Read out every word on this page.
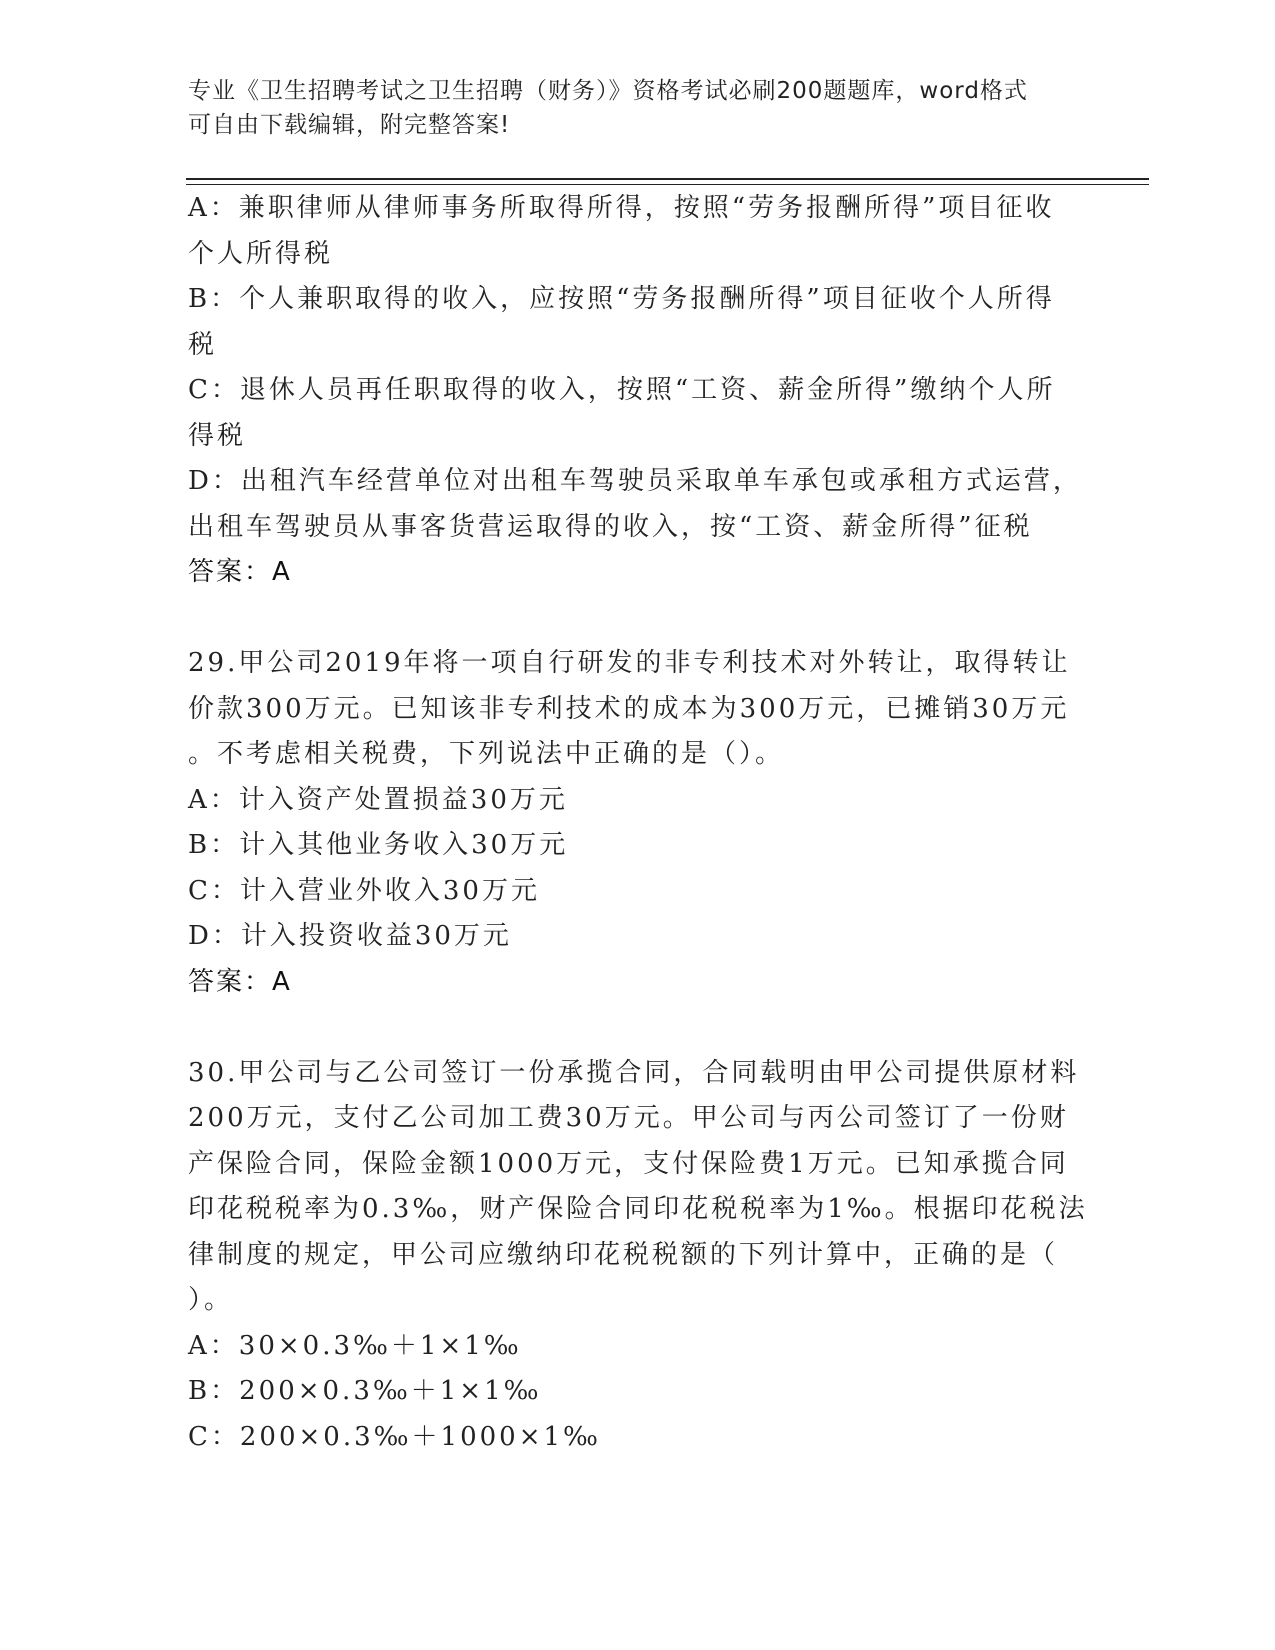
专业《卫生招聘考试之卫生招聘（财务）》资格考试必刷200题题库，word格式

可自由下载编辑，附完整答案!

A：兼职律师从律师事务所取得所得，按照“劳务报酬所得”项目征收

个人所得税

B：个人兼职取得的收入，应按照“劳务报酬所得”项目征收个人所得

税

C：退休人员再任职取得的收入，按照“工资、薪金所得”缴纳个人所

得税

D：出租汽车经营单位对出租车驾驶员采取单车承包或承租方式运营，

出租车驾驶员从事客货营运取得的收入，按“工资、薪金所得”征税

答案：A

29.甲公司2019年将一项自行研发的非专利技术对外转让，取得转让

价款300万元。已知该非专利技术的成本为300万元，已摊销30万元

。不考虑相关税费，下列说法中正确的是（）。

A：计入资产处置损益30万元

B：计入其他业务收入30万元

C：计入营业外收入30万元

D：计入投资收益30万元

答案：A

30.甲公司与乙公司签订一份承揽合同，合同载明由甲公司提供原材料

200万元，支付乙公司加工费30万元。甲公司与丙公司签订了一份财

产保险合同，保险金额1000万元，支付保险费1万元。已知承揽合同

印花税税率为0.3‰，财产保险合同印花税税率为1‰。根据印花税法

律制度的规定，甲公司应缴纳印花税税额的下列计算中，正确的是（

）。

A：30×0.3‰＋1×1‰

B：200×0.3‰＋1×1‰

C：200×0.3‰＋1000×1‰
